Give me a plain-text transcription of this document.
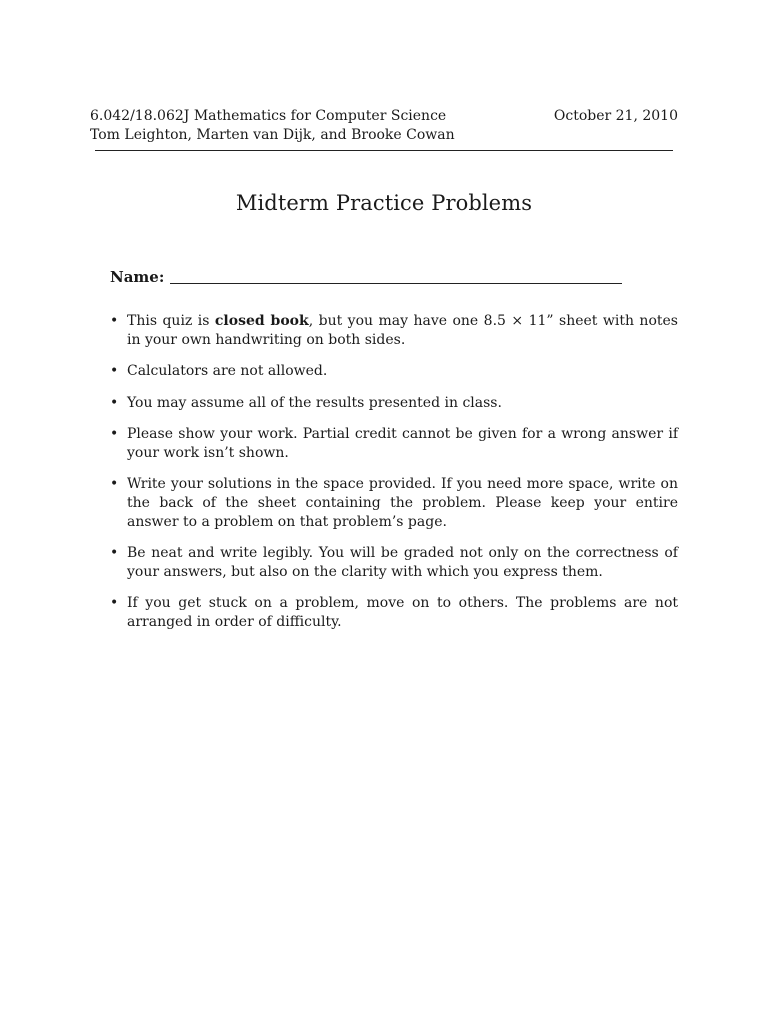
6.042/18.062J Mathematics for Computer Science	October 21, 2010
Tom Leighton, Marten van Dijk, and Brooke Cowan
Midterm Practice Problems
Name:
• This quiz is closed book, but you may have one 8.5 × 11” sheet with notes in your own handwriting on both sides.
• Calculators are not allowed.
• You may assume all of the results presented in class.
• Please show your work. Partial credit cannot be given for a wrong answer if your work isn’t shown.
• Write your solutions in the space provided. If you need more space, write on the back of the sheet containing the problem. Please keep your entire answer to a problem on that problem’s page.
• Be neat and write legibly. You will be graded not only on the correctness of your answers, but also on the clarity with which you express them.
• If you get stuck on a problem, move on to others. The problems are not arranged in order of difficulty.
